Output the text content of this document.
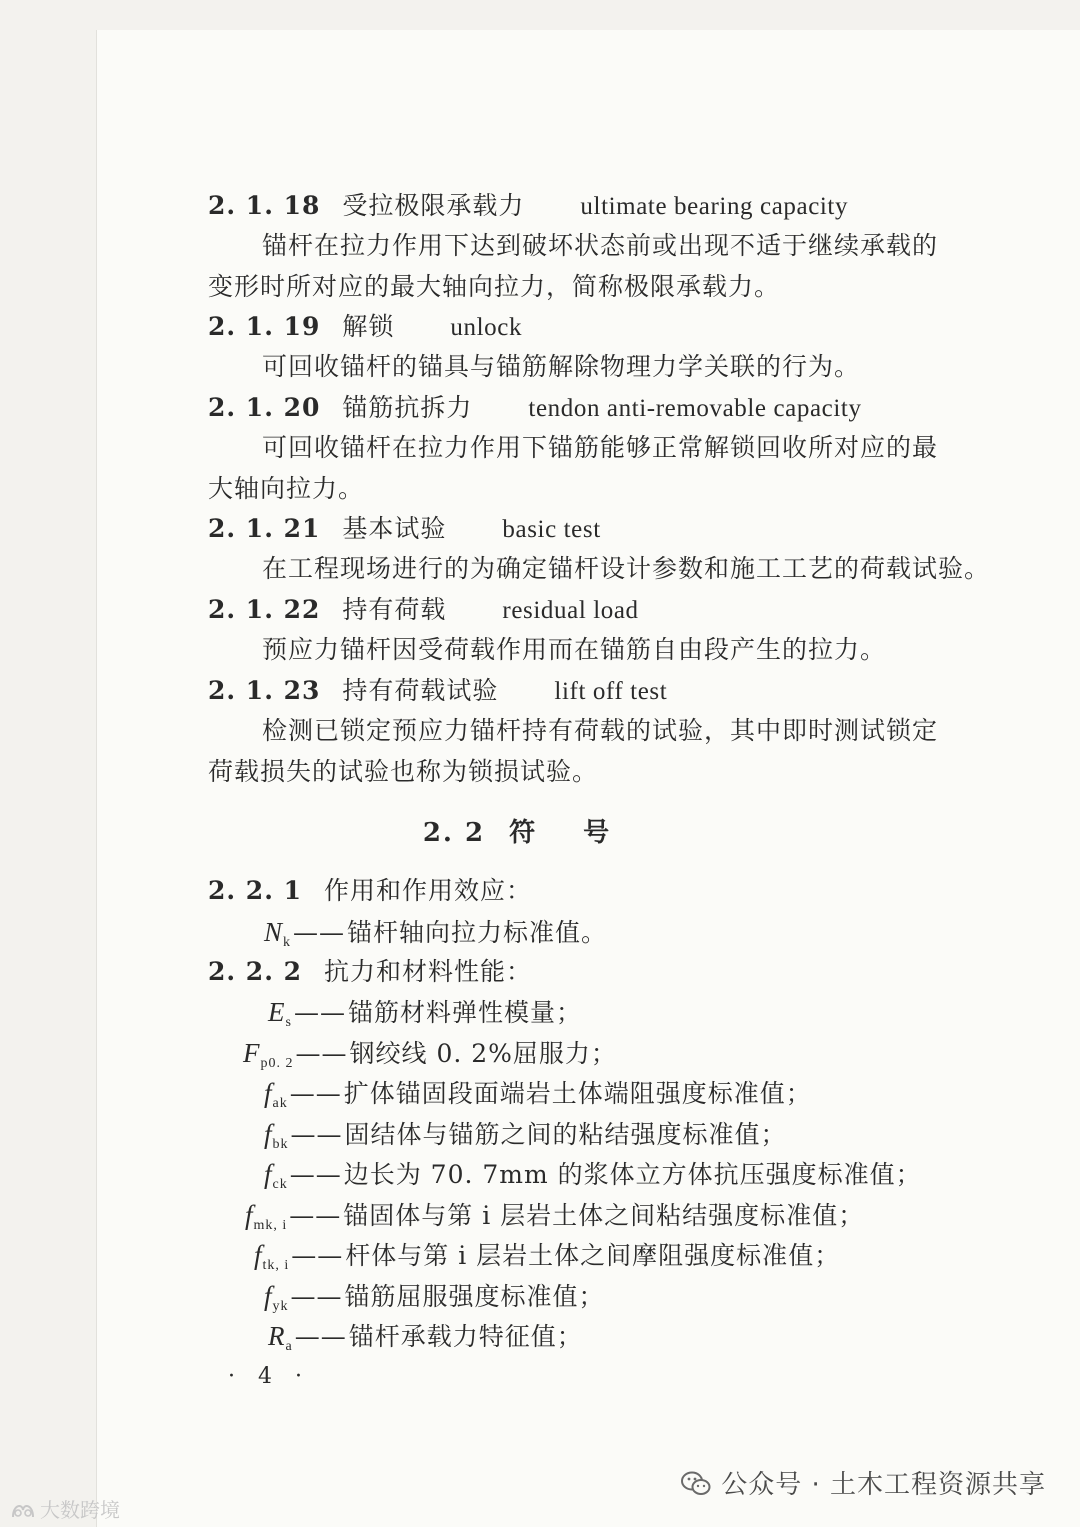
2. 1. 18 受拉极限承载力 ultimate bearing capacity
锚杆在拉力作用下达到破坏状态前或出现不适于继续承载的
变形时所对应的最大轴向拉力，简称极限承载力。
2. 1. 19 解锁 unlock
可回收锚杆的锚具与锚筋解除物理力学关联的行为。
2. 1. 20 锚筋抗拆力 tendon anti-removable capacity
可回收锚杆在拉力作用下锚筋能够正常解锁回收所对应的最
大轴向拉力。
2. 1. 21 基本试验 basic test
在工程现场进行的为确定锚杆设计参数和施工工艺的荷载试验。
2. 1. 22 持有荷载 residual load
预应力锚杆因受荷载作用而在锚筋自由段产生的拉力。
2. 1. 23 持有荷载试验 lift off test
检测已锁定预应力锚杆持有荷载的试验，其中即时测试锁定
荷载损失的试验也称为锁损试验。
2. 2 符号
2. 2. 1 作用和作用效应：
$N_k——$锚杆轴向拉力标准值。
2. 2. 2 抗力和材料性能：
$E_s——$锚筋材料弹性模量；
$F_{p0. 2}——$钢绞线 0. 2%屈服力；
$f_{ak}——$扩体锚固段面端岩土体端阻强度标准值；
$f_{bk}——$固结体与锚筋之间的粘结强度标准值；
$f_{ck}——$边长为 70. 7mm 的浆体立方体抗压强度标准值；
$f_{mk, i}——$锚固体与第 i 层岩土体之间粘结强度标准值；
$f_{tk, i}——$杆体与第 i 层岩土体之间摩阻强度标准值；
$f_{yk}——$锚筋屈服强度标准值；
$R_a——$锚杆承载力特征值；
· 4 ·
公众号 · 土木工程资源共享
大数跨境
